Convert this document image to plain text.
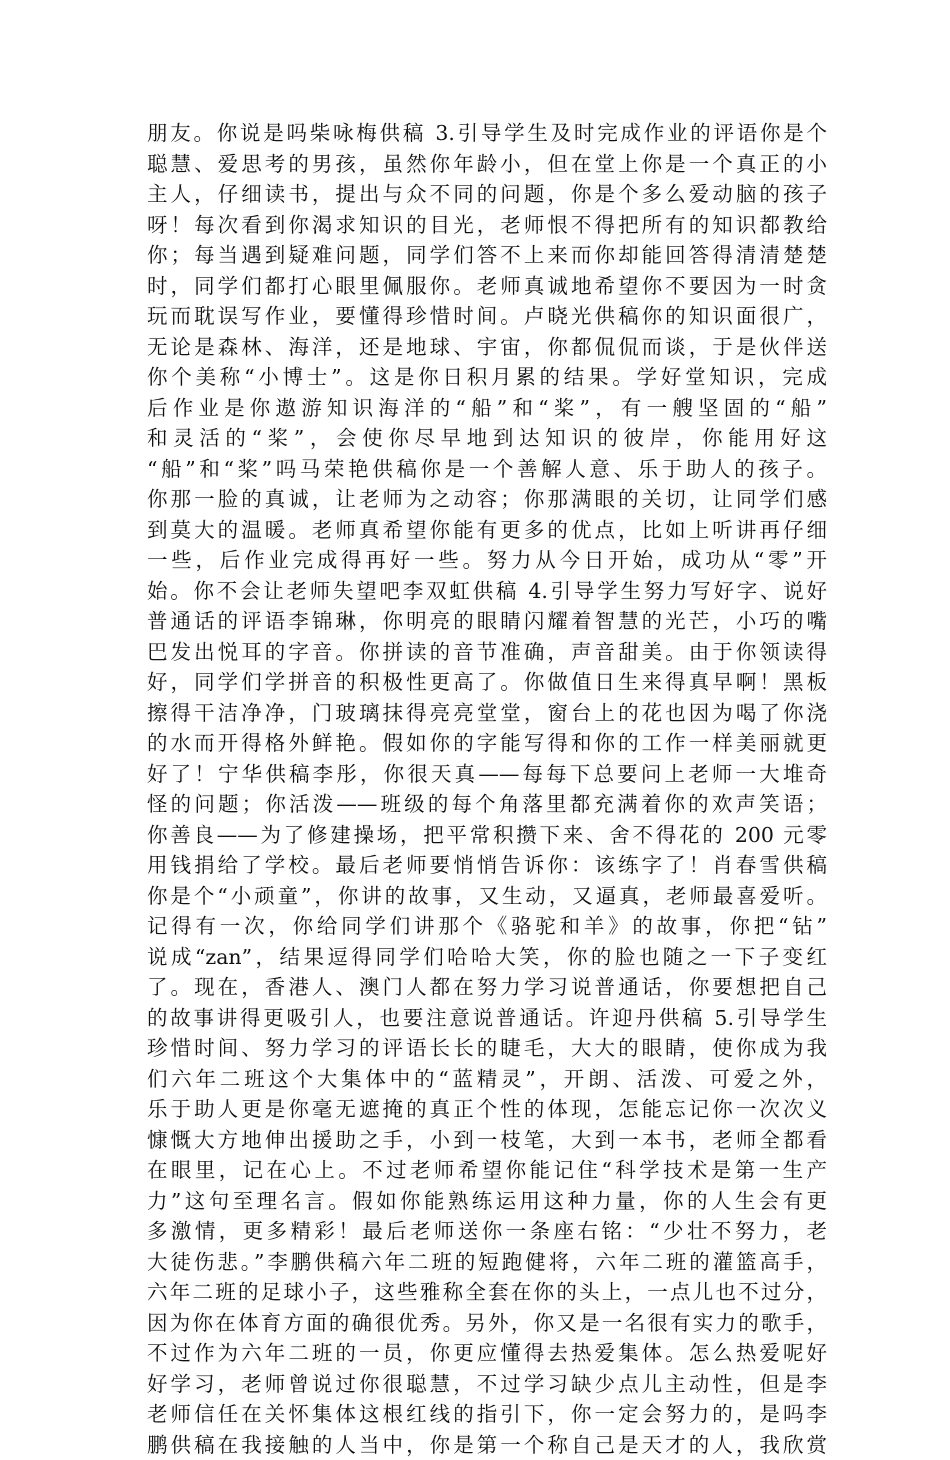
朋友。你说是吗柴咏梅供稿 3.引导学生及时完成作业的评语你是个
聪慧、爱思考的男孩，虽然你年龄小，但在堂上你是一个真正的小
主人，仔细读书，提出与众不同的问题，你是个多么爱动脑的孩子
呀！每次看到你渴求知识的目光，老师恨不得把所有的知识都教给
你；每当遇到疑难问题，同学们答不上来而你却能回答得清清楚楚
时，同学们都打心眼里佩服你。老师真诚地希望你不要因为一时贪
玩而耽误写作业，要懂得珍惜时间。卢晓光供稿你的知识面很广，
无论是森林、海洋，还是地球、宇宙，你都侃侃而谈，于是伙伴送
你个美称“小博士”。这是你日积月累的结果。学好堂知识，完成
后作业是你遨游知识海洋的“船”和“桨”，有一艘坚固的“船”
和灵活的“桨”，会使你尽早地到达知识的彼岸，你能用好这
“船”和“桨”吗马荣艳供稿你是一个善解人意、乐于助人的孩子。
你那一脸的真诚，让老师为之动容；你那满眼的关切，让同学们感
到莫大的温暖。老师真希望你能有更多的优点，比如上听讲再仔细
一些，后作业完成得再好一些。努力从今日开始，成功从“零”开
始。你不会让老师失望吧李双虹供稿 4.引导学生努力写好字、说好
普通话的评语李锦琳，你明亮的眼睛闪耀着智慧的光芒，小巧的嘴
巴发出悦耳的字音。你拼读的音节准确，声音甜美。由于你领读得
好，同学们学拼音的积极性更高了。你做值日生来得真早啊！黑板
擦得干洁净净，门玻璃抹得亮亮堂堂，窗台上的花也因为喝了你浇
的水而开得格外鲜艳。假如你的字能写得和你的工作一样美丽就更
好了！宁华供稿李彤，你很天真——每每下总要问上老师一大堆奇
怪的问题；你活泼——班级的每个角落里都充满着你的欢声笑语；
你善良——为了修建操场，把平常积攒下来、舍不得花的 200 元零
用钱捐给了学校。最后老师要悄悄告诉你：该练字了！肖春雪供稿
你是个“小顽童”，你讲的故事，又生动，又逼真，老师最喜爱听。
记得有一次，你给同学们讲那个《骆驼和羊》的故事，你把“钻”
说成“zan”，结果逗得同学们哈哈大笑，你的脸也随之一下子变红
了。现在，香港人、澳门人都在努力学习说普通话，你要想把自己
的故事讲得更吸引人，也要注意说普通话。许迎丹供稿 5.引导学生
珍惜时间、努力学习的评语长长的睫毛，大大的眼睛，使你成为我
们六年二班这个大集体中的“蓝精灵”，开朗、活泼、可爱之外，
乐于助人更是你毫无遮掩的真正个性的体现，怎能忘记你一次次义
慷慨大方地伸出援助之手，小到一枝笔，大到一本书，老师全都看
在眼里，记在心上。不过老师希望你能记住“科学技术是第一生产
力”这句至理名言。假如你能熟练运用这种力量，你的人生会有更
多激情，更多精彩！最后老师送你一条座右铭：“少壮不努力，老
大徒伤悲。”李鹏供稿六年二班的短跑健将，六年二班的灌篮高手，
六年二班的足球小子，这些雅称全套在你的头上，一点儿也不过分，
因为你在体育方面的确很优秀。另外，你又是一名很有实力的歌手，
不过作为六年二班的一员，你更应懂得去热爱集体。怎么热爱呢好
好学习，老师曾说过你很聪慧，不过学习缺少点儿主动性，但是李
老师信任在关怀集体这根红线的指引下，你一定会努力的，是吗李
鹏供稿在我接触的人当中，你是第一个称自己是天才的人，我欣赏
